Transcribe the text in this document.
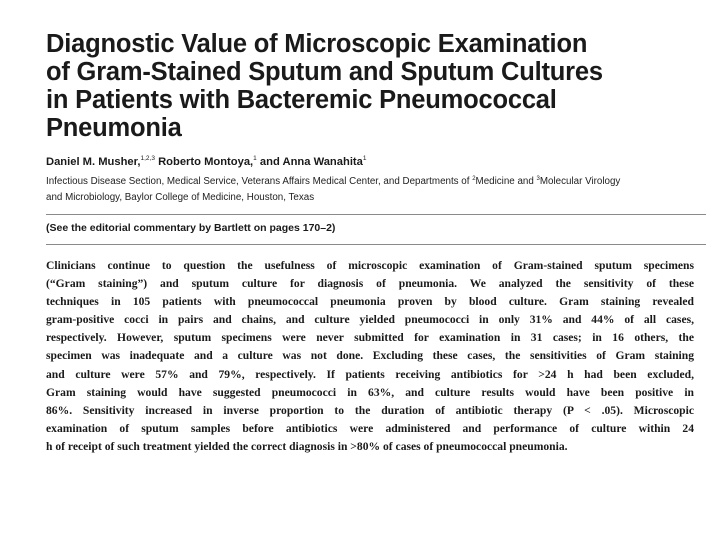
Diagnostic Value of Microscopic Examination
of Gram-Stained Sputum and Sputum Cultures
in Patients with Bacteremic Pneumococcal
Pneumonia
Daniel M. Musher,$^{1,2,3}$ Roberto Montoya,$^1$ and Anna Wanahita$^1$
Infectious Disease Section, Medical Service, Veterans Affairs Medical Center, and Departments of $^2$Medicine and $^3$Molecular Virology
and Microbiology, Baylor College of Medicine, Houston, Texas
(See the editorial commentary by Bartlett on pages 170–2)
Clinicians continue to question the usefulness of microscopic examination of Gram-stained sputum specimens
(“Gram staining”) and sputum culture for diagnosis of pneumonia. We analyzed the sensitivity of these
techniques in 105 patients with pneumococcal pneumonia proven by blood culture. Gram staining revealed
gram-positive cocci in pairs and chains, and culture yielded pneumococci in only 31% and 44% of all cases,
respectively. However, sputum specimens were never submitted for examination in 31 cases; in 16 others, the
specimen was inadequate and a culture was not done. Excluding these cases, the sensitivities of Gram staining
and culture were 57% and 79%, respectively. If patients receiving antibiotics for >24 h had been excluded,
Gram staining would have suggested pneumococci in 63%, and culture results would have been positive in
86%. Sensitivity increased in inverse proportion to the duration of antibiotic therapy (P < .05). Microscopic
examination of sputum samples before antibiotics were administered and performance of culture within 24
h of receipt of such treatment yielded the correct diagnosis in >80% of cases of pneumococcal pneumonia.
